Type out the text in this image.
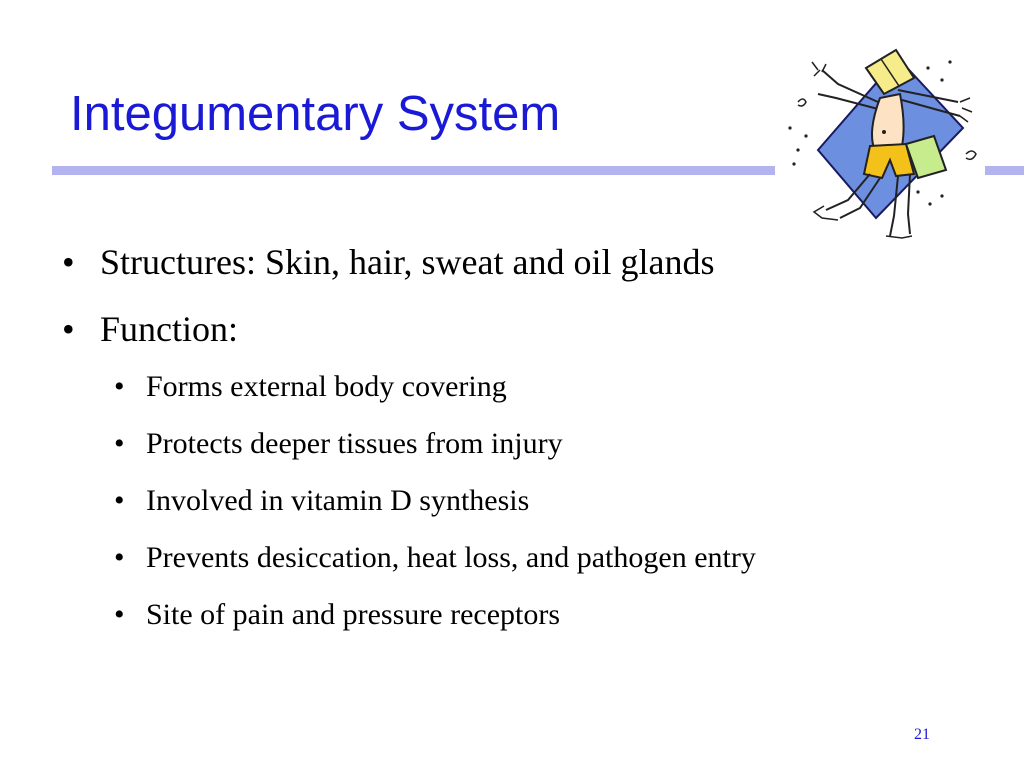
Integumentary System
• Structures: Skin, hair, sweat and oil glands
• Function:
• Forms external body covering
• Protects deeper tissues from injury
• Involved in vitamin D synthesis
• Prevents desiccation, heat loss, and pathogen entry
• Site of pain and pressure receptors
21
